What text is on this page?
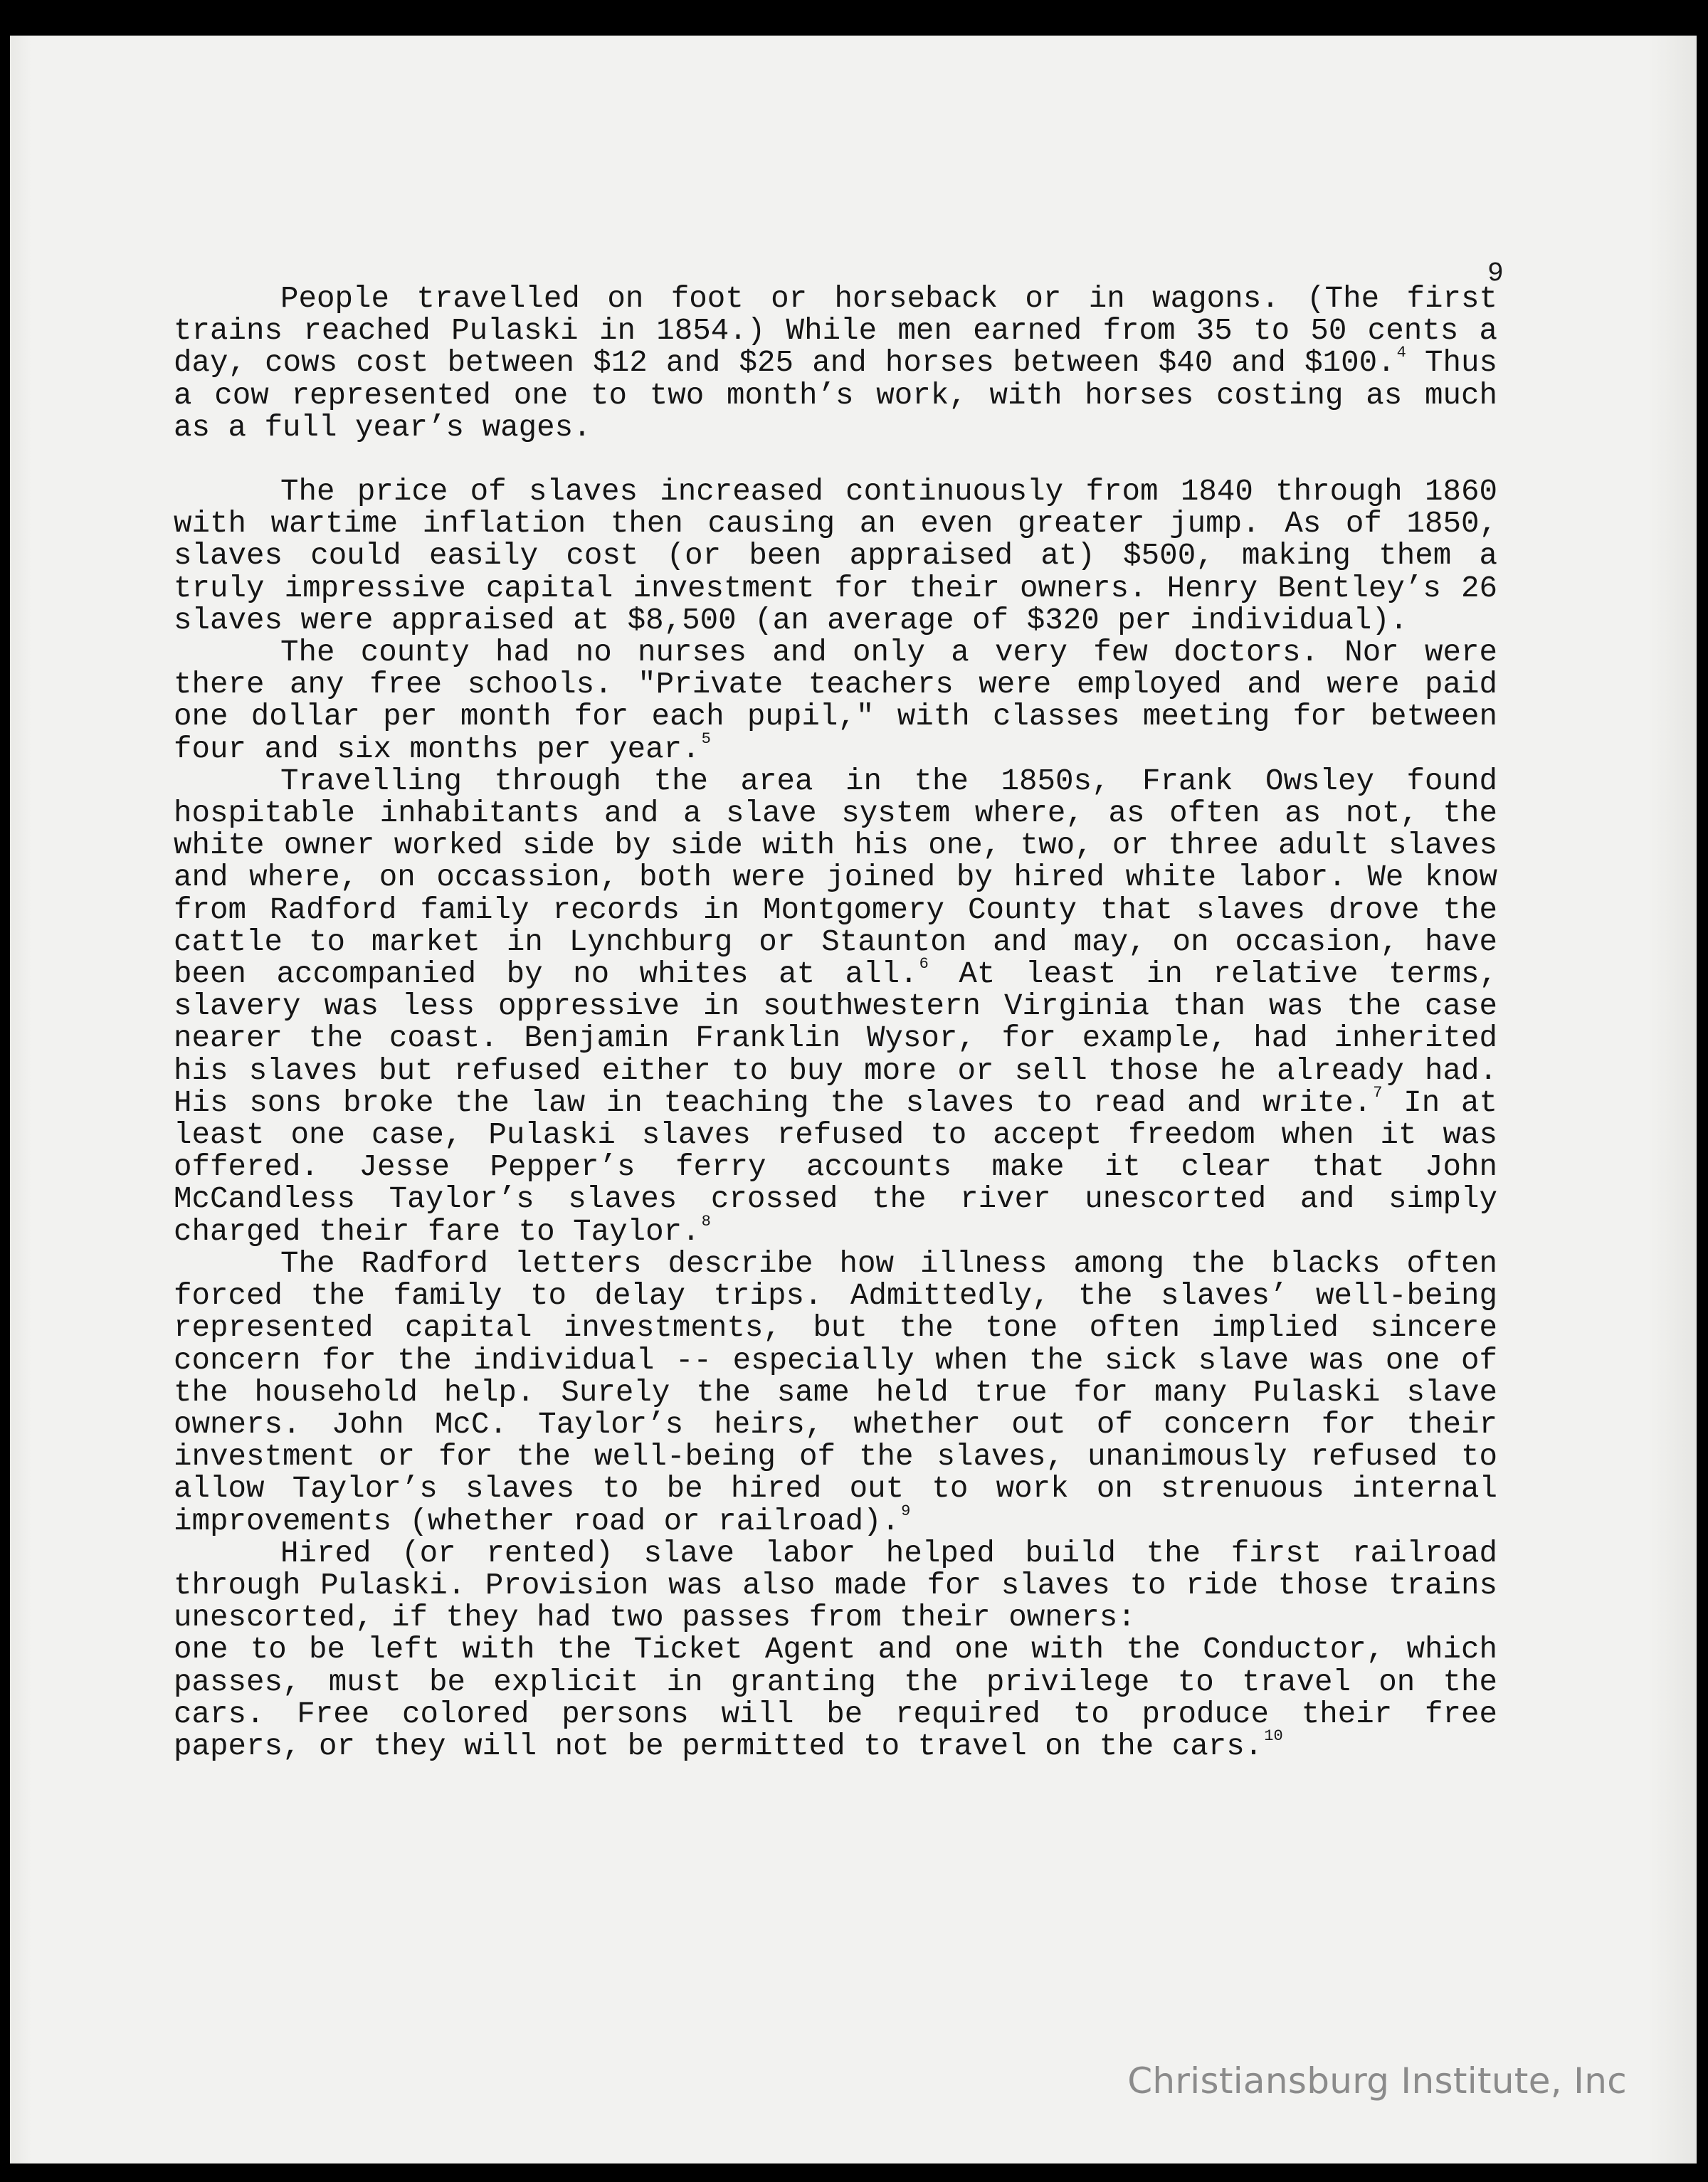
9

People travelled on foot or horseback or in wagons. (The first trains reached Pulaski in 1854.) While men earned from 35 to 50 cents a day, cows cost between $12 and $25 and horses between $40 and $100.$^4$ Thus a cow represented one to two month’s work, with horses costing as much as a full year’s wages.

The price of slaves increased continuously from 1840 through 1860 with wartime inflation then causing an even greater jump. As of 1850, slaves could easily cost (or been appraised at) $500, making them a truly impressive capital investment for their owners. Henry Bentley’s 26 slaves were appraised at $8,500 (an average of $320 per individual).

The county had no nurses and only a very few doctors. Nor were there any free schools. "Private teachers were employed and were paid one dollar per month for each pupil," with classes meeting for between four and six months per year.$^5$

Travelling through the area in the 1850s, Frank Owsley found hospitable inhabitants and a slave system where, as often as not, the white owner worked side by side with his one, two, or three adult slaves and where, on occassion, both were joined by hired white labor. We know from Radford family records in Montgomery County that slaves drove the cattle to market in Lynchburg or Staunton and may, on occasion, have been accompanied by no whites at all.$^6$ At least in relative terms, slavery was less oppressive in southwestern Virginia than was the case nearer the coast. Benjamin Franklin Wysor, for example, had inherited his slaves but refused either to buy more or sell those he already had. His sons broke the law in teaching the slaves to read and write.$^7$ In at least one case, Pulaski slaves refused to accept freedom when it was offered. Jesse Pepper’s ferry accounts make it clear that John McCandless Taylor’s slaves crossed the river unescorted and simply charged their fare to Taylor.$^8$

The Radford letters describe how illness among the blacks often forced the family to delay trips. Admittedly, the slaves’ well-being represented capital investments, but the tone often implied sincere concern for the individual -- especially when the sick slave was one of the household help. Surely the same held true for many Pulaski slave owners. John McC. Taylor’s heirs, whether out of concern for their investment or for the well-being of the slaves, unanimously refused to allow Taylor’s slaves to be hired out to work on strenuous internal improvements (whether road or railroad).$^9$

Hired (or rented) slave labor helped build the first railroad through Pulaski. Provision was also made for slaves to ride those trains unescorted, if they had two passes from their owners:

one to be left with the Ticket Agent and one with the Conductor, which passes, must be explicit in granting the privilege to travel on the cars. Free colored persons will be required to produce their free papers, or they will not be permitted to travel on the cars.$^{10}$

Christiansburg Institute, Inc
